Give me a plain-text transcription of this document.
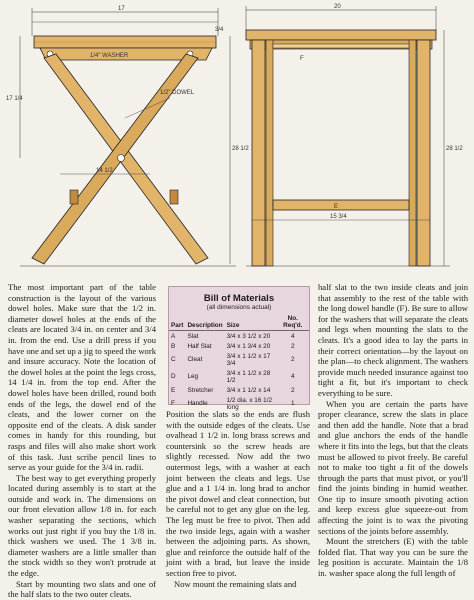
17
3/4
1/4" WASHER
1/2" DOWEL
28 1/2
17 1/4
14 1/2
20
F
E
15 3/4
28 1/2

The most important part of the table construction is the layout of the various dowel holes. Make sure that the 1/2 in. diameter dowel holes at the ends of the cleats are located 3/4 in. on center and 3/4 in. from the end. Use a drill press if you have one and set up a jig to speed the work and insure accuracy. Note the location of the dowel holes at the point the legs cross, 14 1/4 in. from the top end. After the dowel holes have been drilled, round both ends of the legs, the dowel end of the cleats, and the lower corner on the opposite end of the cleats. A disk sander comes in handy for this rounding, but rasps and files will also make short work of this task. Just scribe pencil lines to serve as your guide for the 3/4 in. radii.

The best way to get everything properly located during assembly is to start at the outside and work in. The dimensions on our front elevation allow 1/8 in. for each washer separating the sections, which works out just right if you buy the 1/8 in. thick washers we used. The 1 3/8 in. diameter washers are a little smaller than the stock width so they won't protrude at the edge.

Start by mounting two slats and one of the half slats to the two outer cleats.

Bill of Materials
(all dimensions actual)
Part	Description	Size	No. Req'd.
A	Slat	3/4 x 3 1/2 x 20	4
B	Half Slat	3/4 x 1 3/4 x 20	2
C	Cleat	3/4 x 1 1/2 x 17 3/4	2
D	Leg	3/4 x 1 1/2 x 28 1/2	4
E	Stretcher	3/4 x 1 1/2 x 14	2
F	Handle	1/2 dia. x 16 1/2 long	1

Position the slats so the ends are flush with the outside edges of the cleats. Use ovalhead 1 1/2 in. long brass screws and countersink so the screw heads are slightly recessed. Now add the two outermost legs, with a washer at each joint between the cleats and legs. Use glue and a 1 1/4 in. long brad to anchor the pivot dowel and cleat connection, but be careful not to get any glue on the leg. The leg must be free to pivot. Then add the two inside legs, again with a washer between the adjoining parts. As shown, glue and reinforce the outside half of the joint with a brad, but leave the inside section free to pivot.

Now mount the remaining slats and

half slat to the two inside cleats and join that assembly to the rest of the table with the long dowel handle (F). Be sure to allow for the washers that will separate the cleats and legs when mounting the slats to the cleats. It's a good idea to lay the parts in their correct orientation—by the layout on the plan—to check alignment. The washers provide much needed insurance against too tight a fit, but it's important to check everything to be sure.

When you are certain the parts have proper clearance, screw the slats in place and then add the handle. Note that a brad and glue anchors the ends of the handle where it fits into the legs, but that the cleats must be allowed to pivot freely. Be careful not to make too tight a fit of the dowels through the parts that must pivot, or you'll find the joints binding in humid weather. One tip to insure smooth pivoting action and keep excess glue squeeze-out from affecting the joint is to wax the pivoting sections of the joints before assembly.

Mount the stretchers (E) with the table folded flat. That way you can be sure the leg position is accurate. Maintain the 1/8 in. washer space along the full length of
